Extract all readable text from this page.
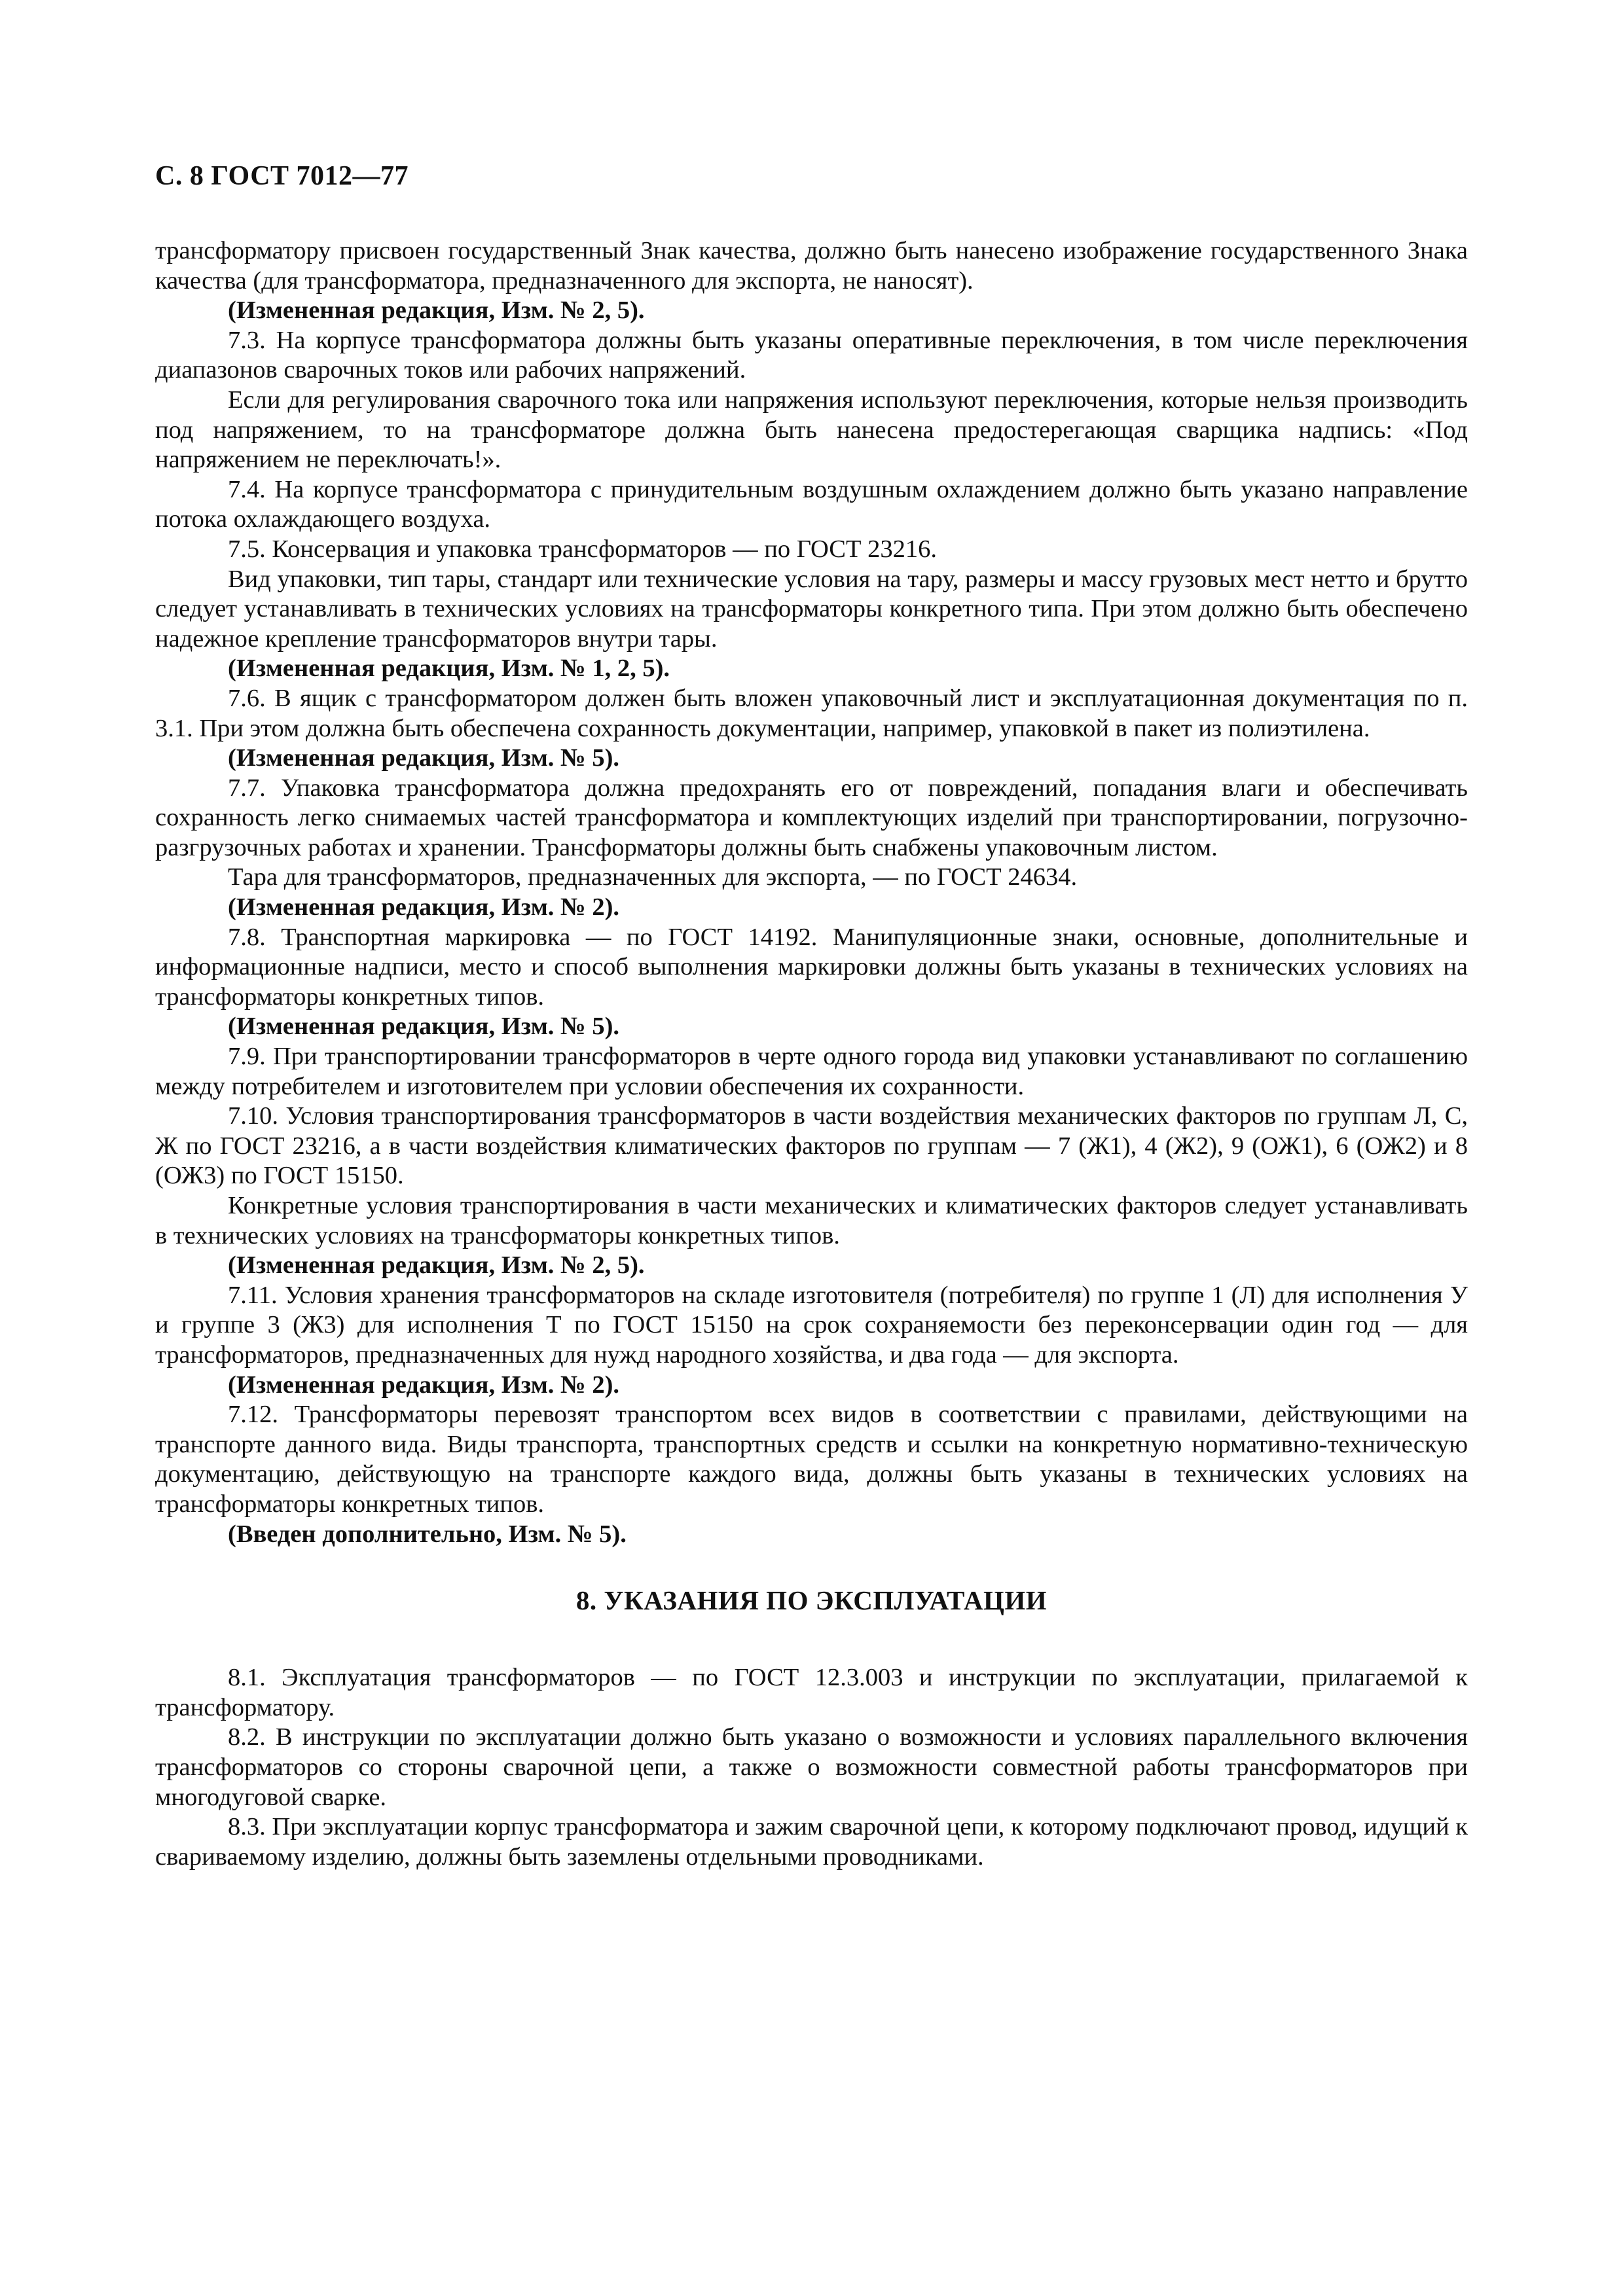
С. 8 ГОСТ 7012—77

трансформатору присвоен государственный Знак качества, должно быть нанесено изображение государственного Знака качества (для трансформатора, предназначенного для экспорта, не наносят).

(Измененная редакция, Изм. № 2, 5).

7.3. На корпусе трансформатора должны быть указаны оперативные переключения, в том числе переключения диапазонов сварочных токов или рабочих напряжений.

Если для регулирования сварочного тока или напряжения используют переключения, которые нельзя производить под напряжением, то на трансформаторе должна быть нанесена предостерегающая сварщика надпись: «Под напряжением не переключать!».

7.4. На корпусе трансформатора с принудительным воздушным охлаждением должно быть указано направление потока охлаждающего воздуха.

7.5. Консервация и упаковка трансформаторов — по ГОСТ 23216.

Вид упаковки, тип тары, стандарт или технические условия на тару, размеры и массу грузовых мест нетто и брутто следует устанавливать в технических условиях на трансформаторы конкретного типа. При этом должно быть обеспечено надежное крепление трансформаторов внутри тары.

(Измененная редакция, Изм. № 1, 2, 5).

7.6. В ящик с трансформатором должен быть вложен упаковочный лист и эксплуатационная документация по п. 3.1. При этом должна быть обеспечена сохранность документации, например, упаковкой в пакет из полиэтилена.

(Измененная редакция, Изм. № 5).

7.7. Упаковка трансформатора должна предохранять его от повреждений, попадания влаги и обеспечивать сохранность легко снимаемых частей трансформатора и комплектующих изделий при транспортировании, погрузочно-разгрузочных работах и хранении. Трансформаторы должны быть снабжены упаковочным листом.

Тара для трансформаторов, предназначенных для экспорта, — по ГОСТ 24634.

(Измененная редакция, Изм. № 2).

7.8. Транспортная маркировка — по ГОСТ 14192. Манипуляционные знаки, основные, дополнительные и информационные надписи, место и способ выполнения маркировки должны быть указаны в технических условиях на трансформаторы конкретных типов.

(Измененная редакция, Изм. № 5).

7.9. При транспортировании трансформаторов в черте одного города вид упаковки устанавливают по соглашению между потребителем и изготовителем при условии обеспечения их сохранности.

7.10. Условия транспортирования трансформаторов в части воздействия механических факторов по группам Л, С, Ж по ГОСТ 23216, а в части воздействия климатических факторов по группам — 7 (Ж1), 4 (Ж2), 9 (ОЖ1), 6 (ОЖ2) и 8 (ОЖ3) по ГОСТ 15150.

Конкретные условия транспортирования в части механических и климатических факторов следует устанавливать в технических условиях на трансформаторы конкретных типов.

(Измененная редакция, Изм. № 2, 5).

7.11. Условия хранения трансформаторов на складе изготовителя (потребителя) по группе 1 (Л) для исполнения У и группе 3 (Ж3) для исполнения Т по ГОСТ 15150 на срок сохраняемости без переконсервации один год — для трансформаторов, предназначенных для нужд народного хозяйства, и два года — для экспорта.

(Измененная редакция, Изм. № 2).

7.12. Трансформаторы перевозят транспортом всех видов в соответствии с правилами, действующими на транспорте данного вида. Виды транспорта, транспортных средств и ссылки на конкретную нормативно-техническую документацию, действующую на транспорте каждого вида, должны быть указаны в технических условиях на трансформаторы конкретных типов.

(Введен дополнительно, Изм. № 5).

8. УКАЗАНИЯ ПО ЭКСПЛУАТАЦИИ

8.1. Эксплуатация трансформаторов — по ГОСТ 12.3.003 и инструкции по эксплуатации, прилагаемой к трансформатору.

8.2. В инструкции по эксплуатации должно быть указано о возможности и условиях параллельного включения трансформаторов со стороны сварочной цепи, а также о возможности совместной работы трансформаторов при многодуговой сварке.

8.3. При эксплуатации корпус трансформатора и зажим сварочной цепи, к которому подключают провод, идущий к свариваемому изделию, должны быть заземлены отдельными проводниками.
